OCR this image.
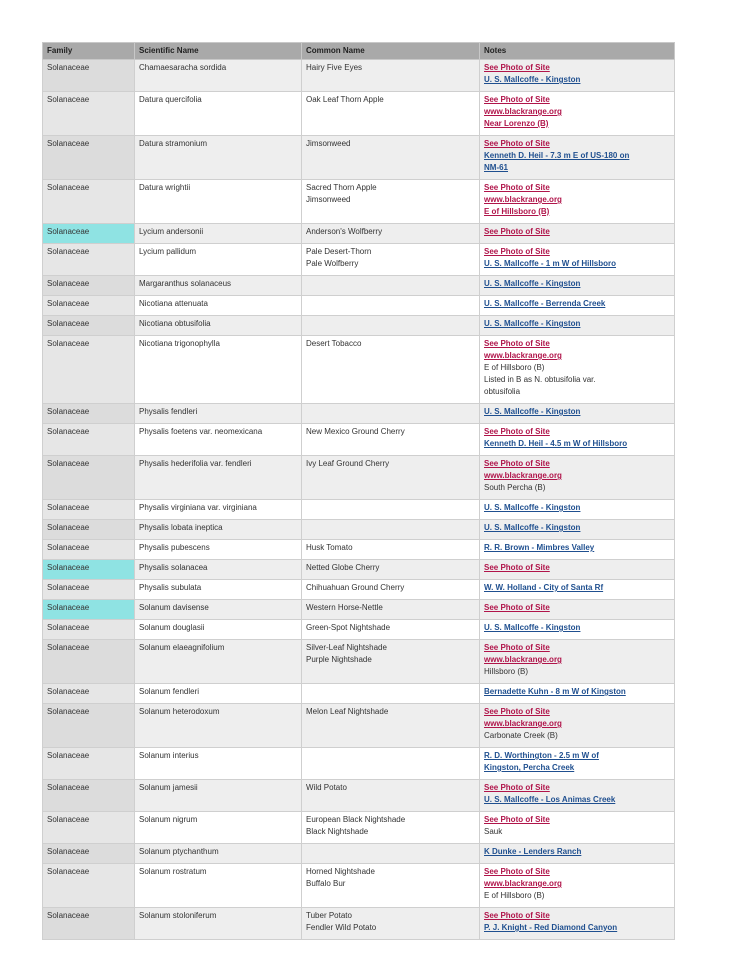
Family	Scientific Name	Common Name	Notes
Solanaceae	Chamaesaracha sordida	Hairy Five Eyes	See Photo of Site
U. S. Mallcoffe - Kingston

Solanaceae	Datura quercifolia	Oak Leaf Thorn Apple	See Photo of Site
www.blackrange.org
Near Lorenzo (B)

Solanaceae	Datura stramonium	Jimsonweed	See Photo of Site
Kenneth D. Heil - 7.3 m E of US-180 on
NM-61

Solanaceae	Datura wrightii	Sacred Thorn Apple
Jimsonweed	See Photo of Site
www.blackrange.org
E of Hillsboro (B)

Solanaceae	Lycium andersonii	Anderson's Wolfberry	See Photo of Site

Solanaceae	Lycium pallidum	Pale Desert-Thorn
Pale Wolfberry	See Photo of Site
U. S. Mallcoffe - 1 m W of Hillsboro

Solanaceae	Margaranthus solanaceus		U. S. Mallcoffe - Kingston

Solanaceae	Nicotiana attenuata		U. S. Mallcoffe - Berrenda Creek

Solanaceae	Nicotiana obtusifolia		U. S. Mallcoffe - Kingston

Solanaceae	Nicotiana trigonophylla	Desert Tobacco	See Photo of Site
www.blackrange.org
E of Hillsboro (B)
Listed in B as N. obtusifolia var.
obtusifolia

Solanaceae	Physalis fendleri		U. S. Mallcoffe - Kingston

Solanaceae	Physalis foetens var. neomexicana	New Mexico Ground Cherry	See Photo of Site
Kenneth D. Heil - 4.5 m W of Hillsboro

Solanaceae	Physalis hederifolia var. fendleri	Ivy Leaf Ground Cherry	See Photo of Site
www.blackrange.org
South Percha (B)

Solanaceae	Physalis virginiana var. virginiana		U. S. Mallcoffe - Kingston

Solanaceae	Physalis lobata ineptica		U. S. Mallcoffe - Kingston

Solanaceae	Physalis pubescens	Husk Tomato	R. R. Brown - Mimbres Valley

Solanaceae	Physalis solanacea	Netted Globe Cherry	See Photo of Site

Solanaceae	Physalis subulata	Chihuahuan Ground Cherry	W. W. Holland - City of Santa Rf

Solanaceae	Solanum davisense	Western Horse-Nettle	See Photo of Site

Solanaceae	Solanum douglasii	Green-Spot Nightshade	U. S. Mallcoffe - Kingston

Solanaceae	Solanum elaeagnifolium	Silver-Leaf Nightshade
Purple Nightshade	See Photo of Site
www.blackrange.org
Hillsboro (B)

Solanaceae	Solanum fendleri		Bernadette Kuhn - 8 m W of Kingston

Solanaceae	Solanum heterodoxum	Melon Leaf Nightshade	See Photo of Site
www.blackrange.org
Carbonate Creek (B)

Solanaceae	Solanum interius		R. D. Worthington - 2.5 m W of
Kingston, Percha Creek

Solanaceae	Solanum jamesii	Wild Potato	See Photo of Site
U. S. Mallcoffe - Los Animas Creek

Solanaceae	Solanum nigrum	European Black Nightshade
Black Nightshade	See Photo of Site
Sauk

Solanaceae	Solanum ptychanthum		K Dunke - Lenders Ranch

Solanaceae	Solanum rostratum	Horned Nightshade
Buffalo Bur	See Photo of Site
www.blackrange.org
E of Hillsboro (B)

Solanaceae	Solanum stoloniferum	Tuber Potato
Fendler Wild Potato	See Photo of Site
P. J. Knight - Red Diamond Canyon
